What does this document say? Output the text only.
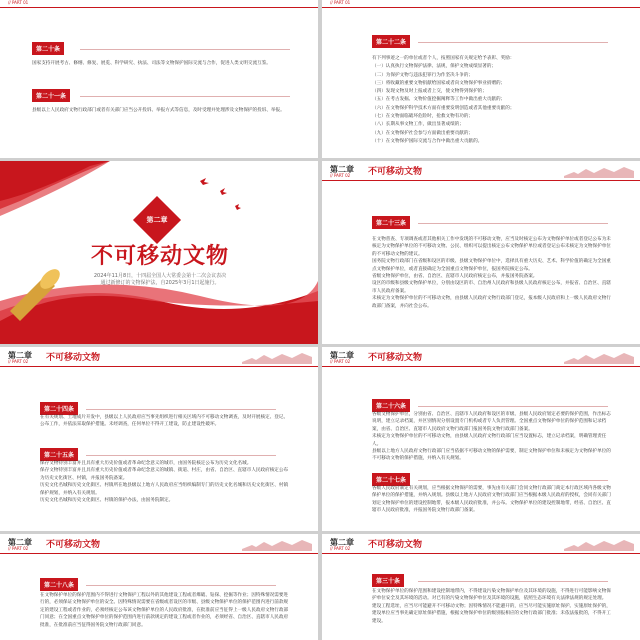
// PART 01
第二十条
国家支持开展考古、修缮、修复、展览、科学研究、执法、司法等文物保护国际交流与合作，促进人类文明交流互鉴。
第二十一条
县级以上人民政府文物行政部门或者有关部门应当公开投诉、举报方式等信息，及时受理并处理涉及文物保护的投诉、举报。
// PART 01
第二十二条

有下列事迹之一的单位或者个人，按照国家有关规定给予表彰、奖励：

（一）认真执行文物保护法律、法规，保护文物成绩显著的；

（二）为保护文物与违法犯罪行为作坚决斗争的；

（三）将收藏的重要文物捐献给国家或者向文物保护事业捐赠的；

（四）发现文物及时上报或者上交，使文物得到保护的；

（五）在考古发掘、文物价值挖掘阐释等工作中做出重大贡献的；

（六）在文物保护科学技术方面有重要发明创造或者其他重要贡献的；

（七）在文物面临破坏危险时，抢救文物有功的；

（八）长期从事文物工作，做出显著成绩的；

（九）在文物保护社会参与方面做出重要贡献的；

（十）在文物保护国际交流与合作中做出重大贡献的。

第二章
不可移动文物

2024年11月8日，十四届全国人大常委会第十二次会议表决

通过新修订的文物保护法，自2025年3月1日起施行。

第二章
// PART 02 不可移动文物
第二十三条

在文物普查、专项调查或者其他相关工作中发现的不可移动文物，应当及时核定公布为文物保护单位或者登记公布为未核定为文物保护单位的不可移动文物。公民、组织可以提出核定公布文物保护单位或者登记公布未核定为文物保护单位的不可移动文物的建议。

国务院文物行政部门在省级和设区的市级、县级文物保护单位中，选择具有重大历史、艺术、科学价值的确定为全国重点文物保护单位，或者直接确定为全国重点文物保护单位，报国务院核定公布。

省级文物保护单位，由省、自治区、直辖市人民政府核定公布，并报国务院备案。

设区的市级和县级文物保护单位，分别由设区的市、自治州人民政府和县级人民政府核定公布，并报省、自治区、直辖市人民政府备案。

未核定为文物保护单位的不可移动文物，由县级人民政府文物行政部门登记，报本级人民政府和上一级人民政府文物行政部门备案，并向社会公布。

第二章
// PART 02 不可移动文物
第二十四条
在有关规划、土地成片开发中，县级以上人民政府应当事先组织进行相关区域内不可移动文物调查，及时开展核定、登记、公布工作，并依法采取保护措施。未经调查，任何单位不得开工建设，防止建设性破坏。
第二十五条

保存文物特别丰富并且具有重大历史价值或者革命纪念意义的城市，由国务院核定公布为历史文化名城。

保存文物特别丰富并且具有重大历史价值或者革命纪念意义的城镇、街道、村庄，由省、自治区、直辖市人民政府核定公布为历史文化街区、村镇，并报国务院备案。

历史文化名城和历史文化街区、村镇所在地县级以上地方人民政府应当组织编制专门的历史文化名城和历史文化街区、村镇保护规划，并纳入有关规划。

历史文化名城和历史文化街区、村镇的保护办法，由国务院制定。

第二章
// PART 02 不可移动文物
第二十六条

各级文物保护单位，分别由省、自治区、直辖市人民政府和设区的市级、县级人民政府划定必要的保护范围，作出标志说明，建立记录档案，并区别情况分别设置专门机构或者专人负责管理。全国重点文物保护单位的保护范围和记录档案，由省、自治区、直辖市人民政府文物行政部门报国务院文物行政部门备案。

未核定为文物保护单位的不可移动文物，由县级人民政府文物行政部门应当设置标志，建立记录档案，明确管理责任人。

县级以上地方人民政府文物行政部门应当依据不可移动文物的保护需要，制定文物保护单位和未核定为文物保护单位的不可移动文物的保护措施，并纳入有关规划。

第二十七条
各级人民政府制定有关规划，应当根据文物保护的需要，事先由有关部门会同文物行政部门商定本行政区域内各级文物保护单位的保护措施，并纳入规划。县级以上地方人民政府文物行政部门应当根据本级人民政府的授权，会同有关部门划定文物保护单位的建设控制地带，报本级人民政府批准，并公布。文物保护单位的建设控制地带，经省、自治区、直辖市人民政府批准，并报国务院文物行政部门备案。
第二章
// PART 02 不可移动文物
第二十八条
在文物保护单位的保护范围内不得进行文物保护工程以外的其他建设工程或者爆破、钻探、挖掘等作业；因特殊情况需要进行的，必须保证文物保护单位的安全。因特殊情况需要在省级或者设区的市级、县级文物保护单位的保护范围内进行前款规定的建设工程或者作业的，必须经核定公布该文物保护单位的人民政府批准，在批准前应当征得上一级人民政府文物行政部门同意；在全国重点文物保护单位的保护范围内进行前款规定的建设工程或者作业的，必须经省、自治区、直辖市人民政府批准，在批准前应当征得国务院文物行政部门同意。
第二章
// PART 02 不可移动文物
第三十条

在文物保护单位的保护范围和建设控制地带内，不得建设污染文物保护单位及其环境的设施，不得进行可能影响文物保护单位安全及其环境的活动。对已有的污染文物保护单位及其环境的设施，依照生态环境有关法律法规的规定处理。

建设工程选址，应当尽可能避开不可移动文物；因特殊情况不能避开的，应当尽可能实施原址保护。实施原址保护的，建设单位应当事先确定原址保护措施，根据文物保护单位的级别报相应的文物行政部门批准；未依法报批的，不得开工建设。
